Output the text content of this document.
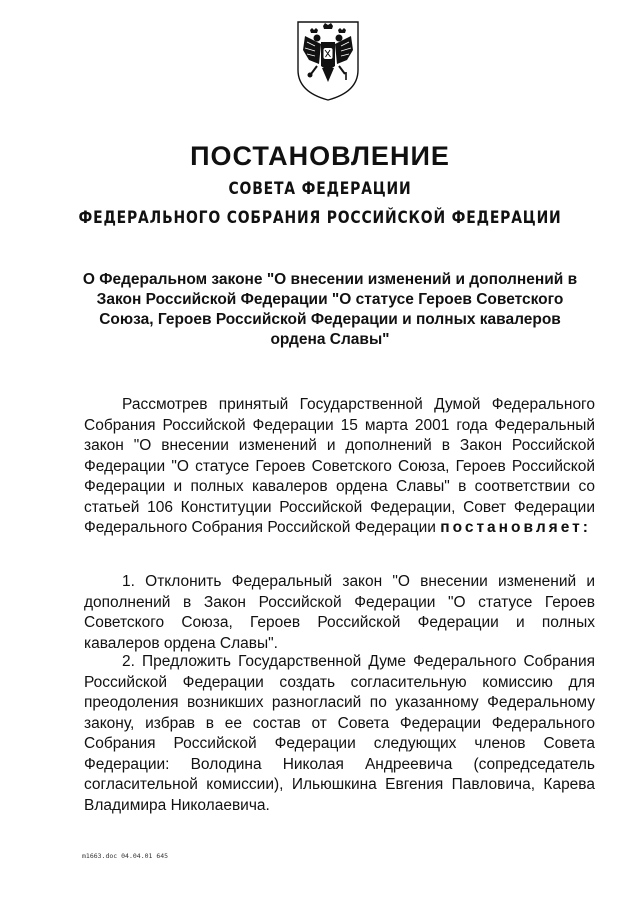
ПОСТАНОВЛЕНИЕ
СОВЕТА ФЕДЕРАЦИИ
ФЕДЕРАЛЬНОГО СОБРАНИЯ РОССИЙСКОЙ ФЕДЕРАЦИИ
О Федеральном законе "О внесении изменений и дополнений в Закон Российской Федерации "О статусе Героев Советского Союза, Героев Российской Федерации и полных кавалеров ордена Славы"
Рассмотрев принятый Государственной Думой Федерального Собрания Российской Федерации 15 марта 2001 года Федеральный закон "О внесении изменений и дополнений в Закон Российской Федерации "О статусе Героев Советского Союза, Героев Российской Федерации и полных кавалеров ордена Славы" в соответствии со статьей 106 Конституции Российской Федерации, Совет Федерации Федерального Собрания Российской Федерации постановляет:
1. Отклонить Федеральный закон "О внесении изменений и дополнений в Закон Российской Федерации "О статусе Героев Советского Союза, Героев Российской Федерации и полных кавалеров ордена Славы".
2. Предложить Государственной Думе Федерального Собрания Российской Федерации создать согласительную комиссию для преодоления возникших разногласий по указанному Федеральному закону, избрав в ее состав от Совета Федерации Федерального Собрания Российской Федерации следующих членов Совета Федерации: Володина Николая Андреевича (сопредседатель согласительной комиссии), Ильюшкина Евгения Павловича, Карева Владимира Николаевича.
m1663.doc 04.04.01 645
